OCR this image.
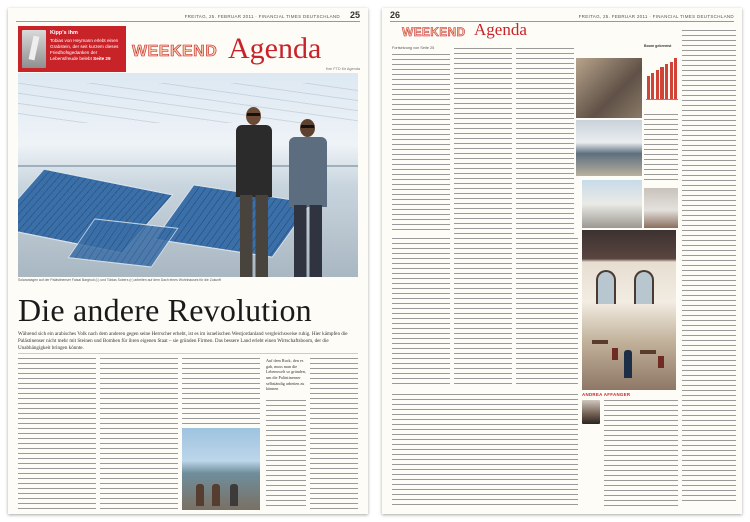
FREITAG, 25. FEBRUAR 2011 · FINANCIAL TIMES DEUTSCHLAND 25
Kipp's ihm
Tobias von Heymann erlebt einen Grabstein, der seit kurzem dieses Friedhofsgedanken der Lebensfreude belebt Seite 29	WEEKEND Agenda
Ihre FTD für Agenda
Solaranlagen auf der Palästinenser Faisal Barghuti (l.) und Tobias Sobers (r.) arbeiten auf dem Dach eines Wohnhauses für die Zukunft
Die andere Revolution
Während sich ein arabisches Volk nach dem anderen gegen seine Herrscher erhebt, ist es im israelischen Westjordanland vergleichsweise ruhig. Hier kämpfen die Palästinenser nicht mehr mit Steinen und Bomben für ihren eigenen Staat – sie gründen Firmen. Das bessere Land erlebt einen Wirtschaftsboom, der die Unabhängigkeit bringen könnte.
Auf dem Ruck, den es gab, muss man die Lebenswelt so gründen, um die Palästinenser selbständig arbeiten zu können
26	FREITAG, 25. FEBRUAR 2011 · FINANCIAL TIMES DEUTSCHLAND
WEEKEND Agenda
Fortsetzung von Seite 25	Boom gebremst
ANDREA AFFANGER
